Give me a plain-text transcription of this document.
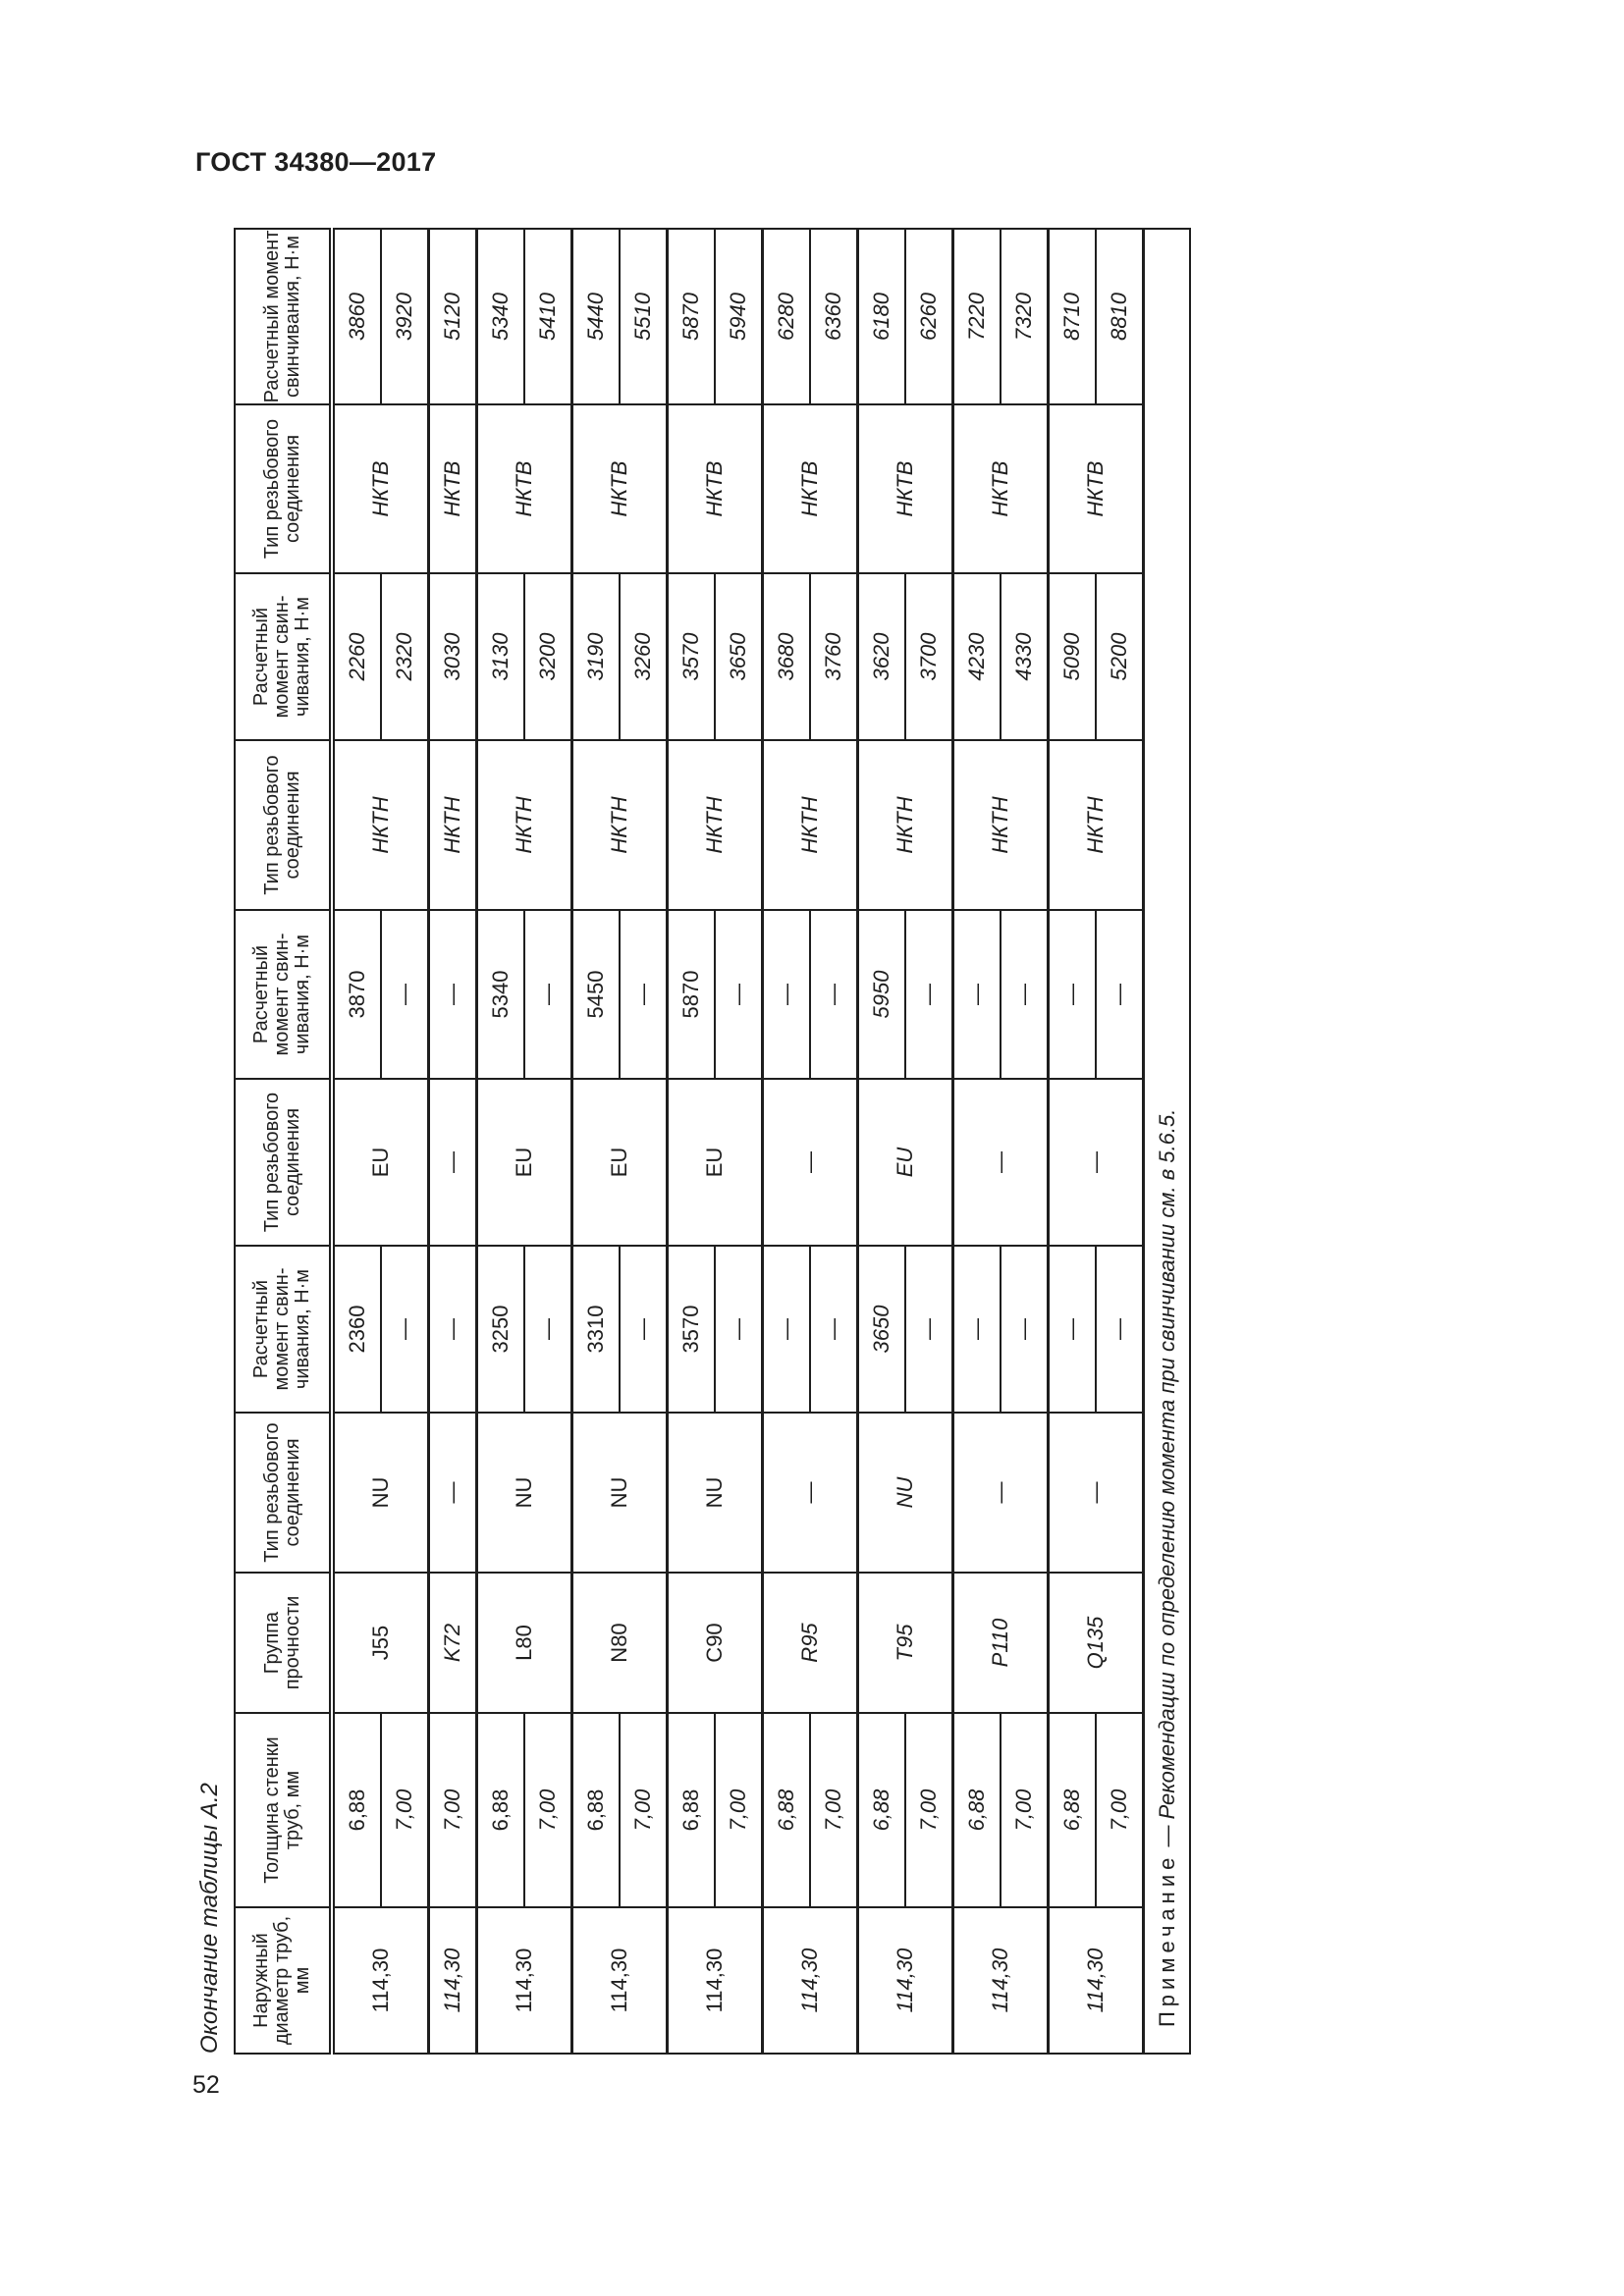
ГОСТ 34380—2017
Окончание таблицы А.2	Наружный диаметр труб, мм	Толщина стенки труб, мм	Группа прочности	Тип резьбового соединения	Расчетный момент свинчивания, Н·м	Тип резьбового соединения	Расчетный момент свинчивания, Н·м	Тип резьбового соединения	Расчетный момент свинчивания, Н·м	Тип резьбового соединения	Расчетный момент свинчивания, Н·м
114,30	6,88	J55	NU	2360	EU	3870	НКТН	2260	НКТВ	3860
	7,00			—		—		2320		3920
114,30	7,00	K72	—	—	—	—	НКТН	3030	НКТВ	5120
114,30	6,88	L80	NU	3250	EU	5340	НКТН	3130	НКТВ	5340
	7,00			—		—		3200		5410
114,30	6,88	N80	NU	3310	EU	5450	НКТН	3190	НКТВ	5440
	7,00			—		—		3260		5510
114,30	6,88	C90	NU	3570	EU	5870	НКТН	3570	НКТВ	5870
	7,00			—		—		3650		5940
114,30	6,88	R95	—	—	—	—	НКТН	3680	НКТВ	6280
	7,00			—		—		3760		6360
114,30	6,88	T95	NU	3650	EU	5950	НКТН	3620	НКТВ	6180
	7,00			—		—		3700		6260
114,30	6,88	P110	—	—	—	—	НКТН	4230	НКТВ	7220
	7,00			—		—		4330		7320
114,30	6,88	Q135	—	—	—	—	НКТН	5090	НКТВ	8710
	7,00			—		—		5200		8810
Примечание — Рекомендации по определению момента при свинчивании см. в 5.6.5.										
52
